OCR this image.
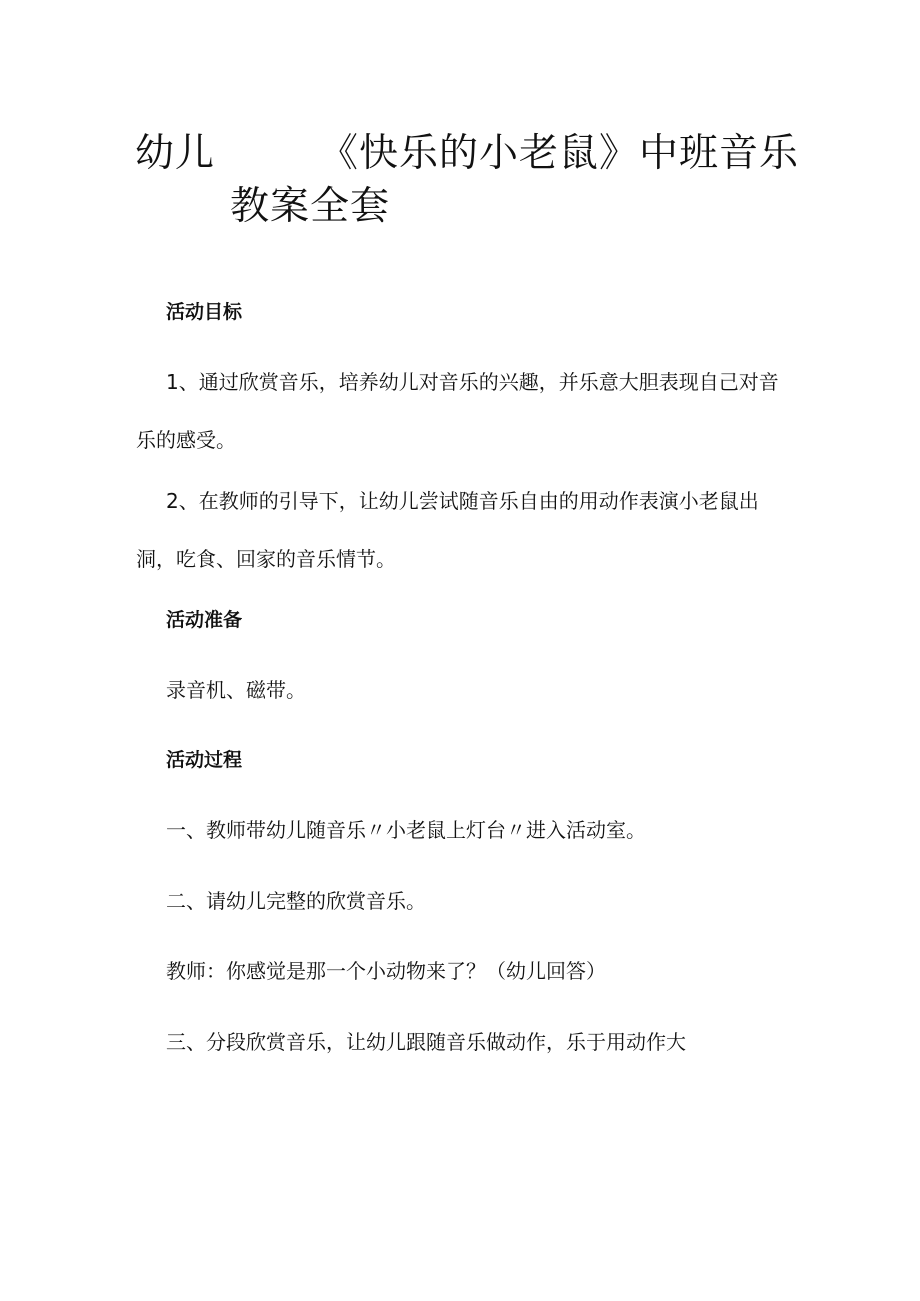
幼儿	《快乐的小老鼠》中班音乐
教案全套
活动目标
1、通过欣赏音乐，培养幼儿对音乐的兴趣，并乐意大胆表现自己对音乐的感受。
2、在教师的引导下，让幼儿尝试随音乐自由的用动作表演小老鼠出洞，吃食、回家的音乐情节。
活动准备
录音机、磁带。
活动过程
一、教师带幼儿随音乐〃小老鼠上灯台〃进入活动室。
二、请幼儿完整的欣赏音乐。
教师：你感觉是那一个小动物来了？（幼儿回答）
三、分段欣赏音乐，让幼儿跟随音乐做动作，乐于用动作大
